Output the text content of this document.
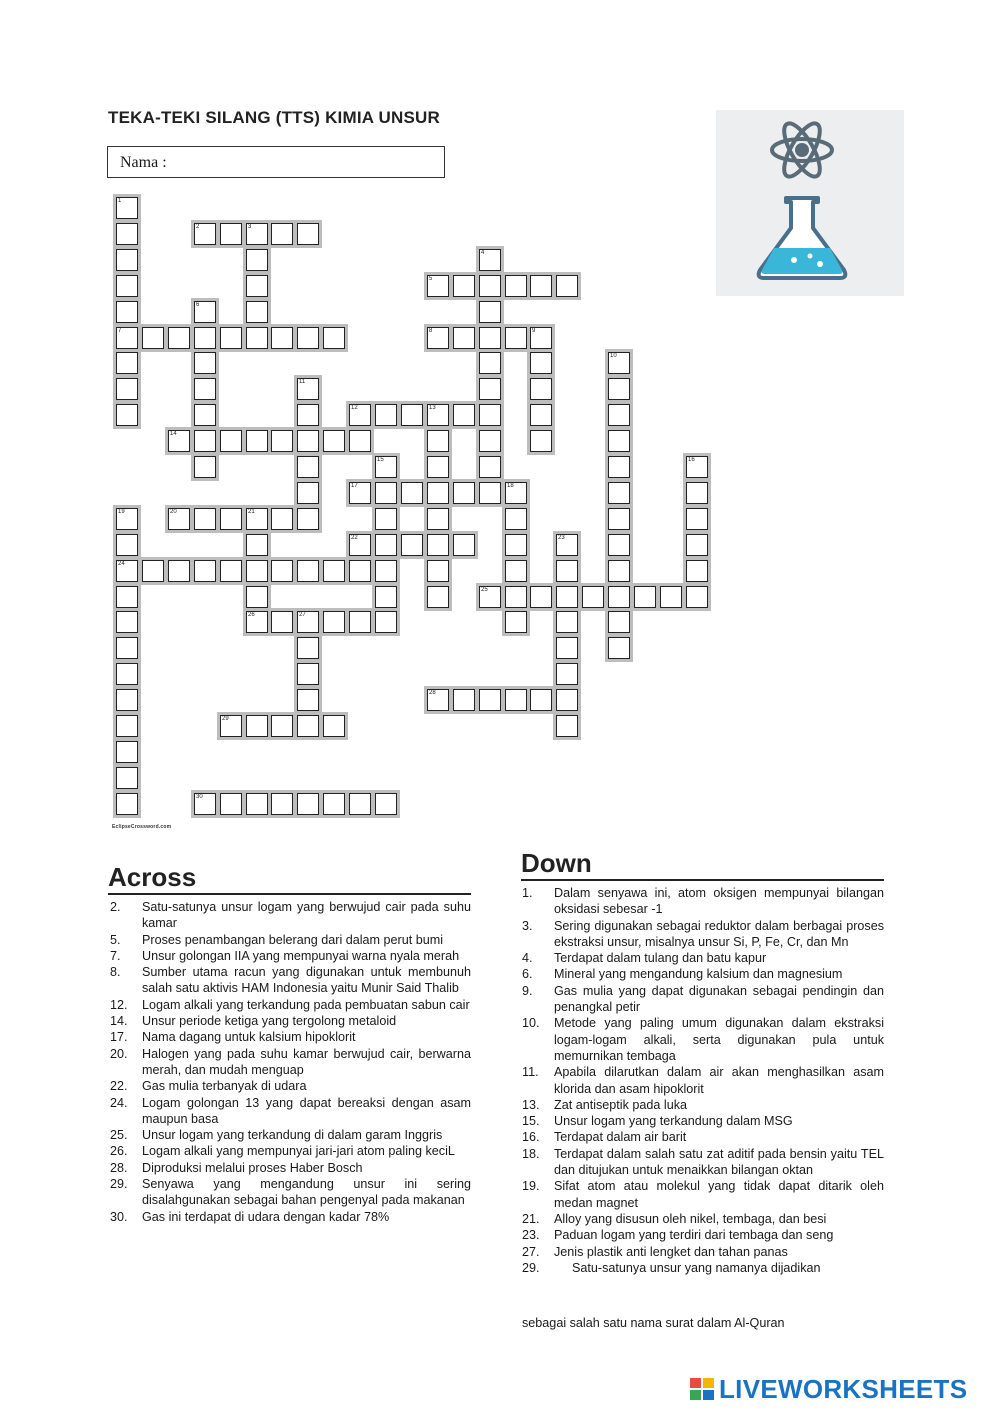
TEKA-TEKI SILANG (TTS) KIMIA UNSUR
Nama :
1
7
2	3
4
5
6
8	9
10
11
12	13
14
15	16
17	18
19
24
20	21
22	23
25
26	27
28
29
30
EclipseCrossword.com
Across
2.	Satu-satunya unsur logam yang berwujud cair pada suhu kamar
5.	Proses penambangan belerang dari dalam perut bumi
7.	Unsur golongan IIA yang mempunyai warna nyala merah
8.	Sumber utama racun yang digunakan untuk membunuh salah satu aktivis HAM Indonesia yaitu Munir Said Thalib
12.	Logam alkali yang terkandung pada pembuatan sabun cair
14.	Unsur periode ketiga yang tergolong metaloid
17.	Nama dagang untuk kalsium hipoklorit
20.	Halogen yang pada suhu kamar berwujud cair, berwarna merah, dan mudah menguap
22.	Gas mulia terbanyak di udara
24.	Logam golongan 13 yang dapat bereaksi dengan asam maupun basa
25.	Unsur logam yang terkandung di dalam garam Inggris
26.	Logam alkali yang mempunyai jari-jari atom paling keciL
28.	Diproduksi melalui proses Haber Bosch
29.	Senyawa yang mengandung unsur ini sering disalahgunakan sebagai bahan pengenyal pada makanan
30.	Gas ini terdapat di udara dengan kadar 78%
Down
1.	Dalam senyawa ini, atom oksigen mempunyai bilangan oksidasi sebesar -1
3.	Sering digunakan sebagai reduktor dalam berbagai proses ekstraksi unsur, misalnya unsur Si, P, Fe, Cr, dan Mn
4.	Terdapat dalam tulang dan batu kapur
6.	Mineral yang mengandung kalsium dan magnesium
9.	Gas mulia yang dapat digunakan sebagai pendingin dan penangkal petir
10.	Metode yang paling umum digunakan dalam ekstraksi logam-logam alkali, serta digunakan pula untuk memurnikan tembaga
11.	Apabila dilarutkan dalam air akan menghasilkan asam klorida dan asam hipoklorit
13.	Zat antiseptik pada luka
15.	Unsur logam yang terkandung dalam MSG
16.	Terdapat dalam air barit
18.	Terdapat dalam salah satu zat aditif pada bensin yaitu TEL dan ditujukan untuk menaikkan bilangan oktan
19.	Sifat atom atau molekul yang tidak dapat ditarik oleh medan magnet
21.	Alloy yang disusun oleh nikel, tembaga, dan besi
23.	Paduan logam yang terdiri dari tembaga dan seng
27.	Jenis plastik anti lengket dan tahan panas
29.	Satu-satunya unsur yang namanya dijadikan
sebagai salah satu nama surat dalam Al-Quran
LIVEWORKSHEETS
